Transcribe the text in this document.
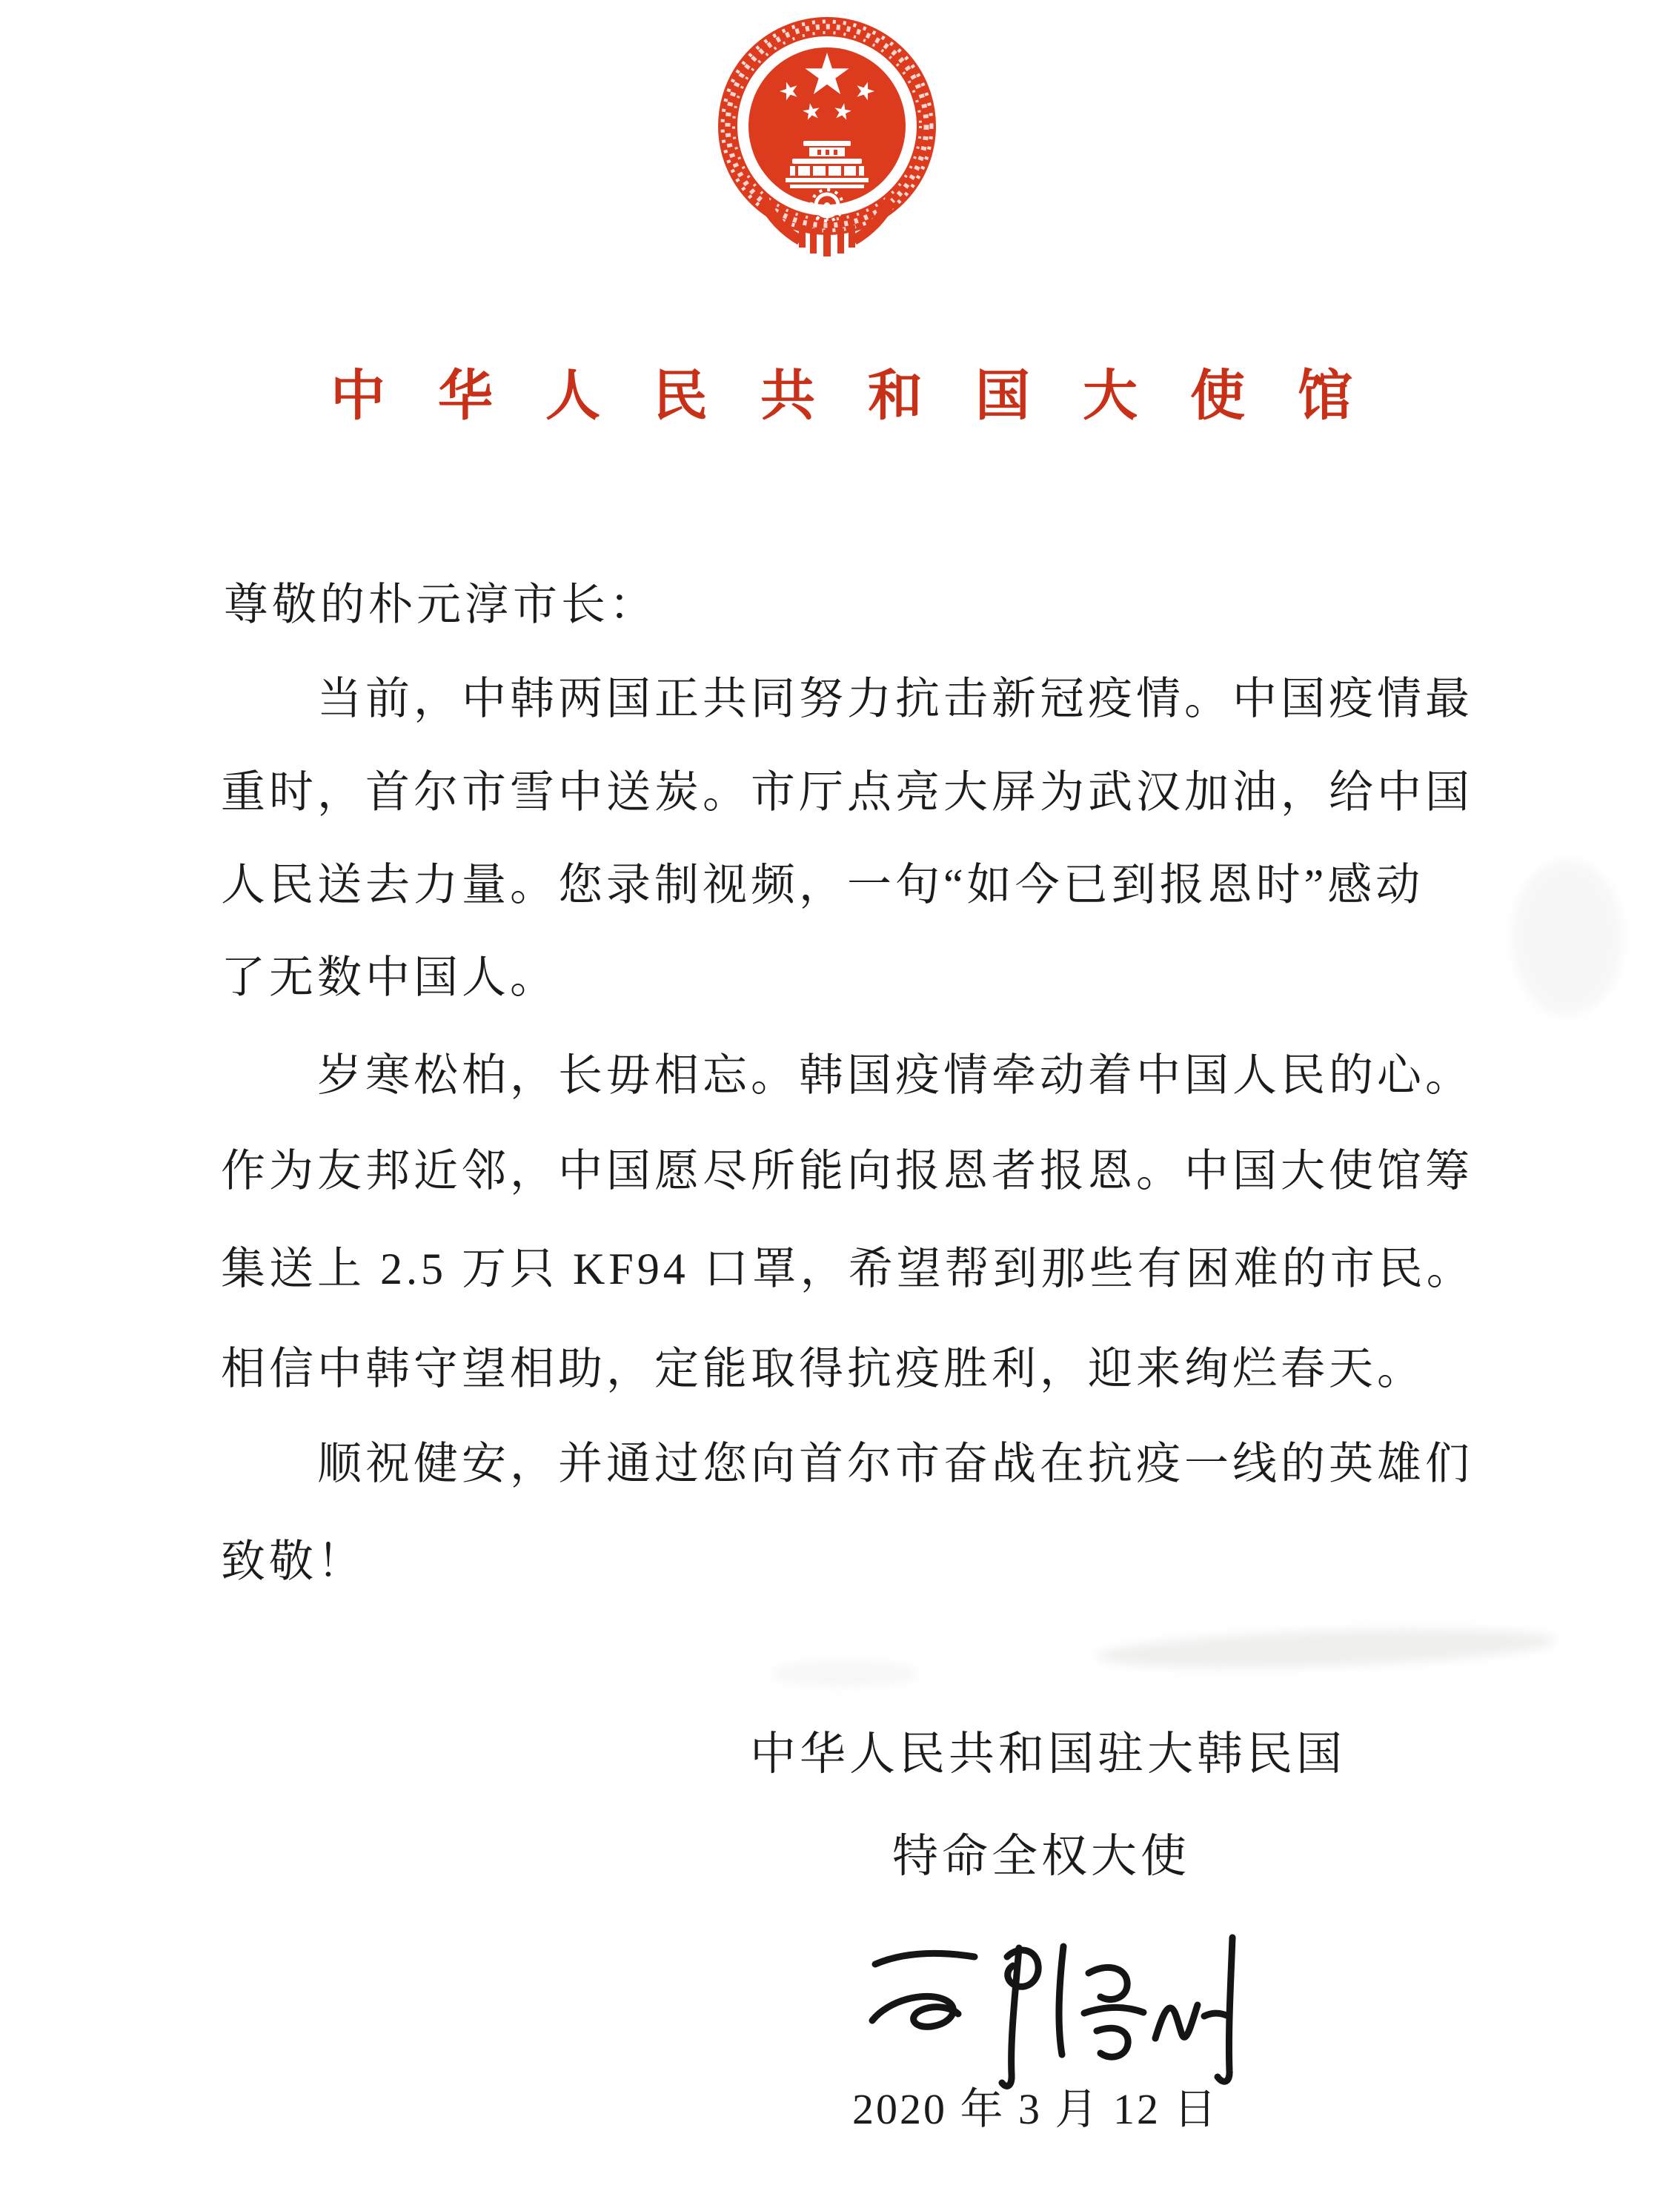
中华人民共和国大使馆
尊敬的朴元淳市长：
当前，中韩两国正共同努力抗击新冠疫情。中国疫情最
重时，首尔市雪中送炭。市厅点亮大屏为武汉加油，给中国
人民送去力量。您录制视频，一句“如今已到报恩时”感动
了无数中国人。
岁寒松柏，长毋相忘。韩国疫情牵动着中国人民的心。
作为友邦近邻，中国愿尽所能向报恩者报恩。中国大使馆筹
集送上 2.5 万只 KF94 口罩，希望帮到那些有困难的市民。
相信中韩守望相助，定能取得抗疫胜利，迎来绚烂春天。
顺祝健安，并通过您向首尔市奋战在抗疫一线的英雄们
致敬！
中华人民共和国驻大韩民国
特命全权大使
2020 年 3 月 12 日
